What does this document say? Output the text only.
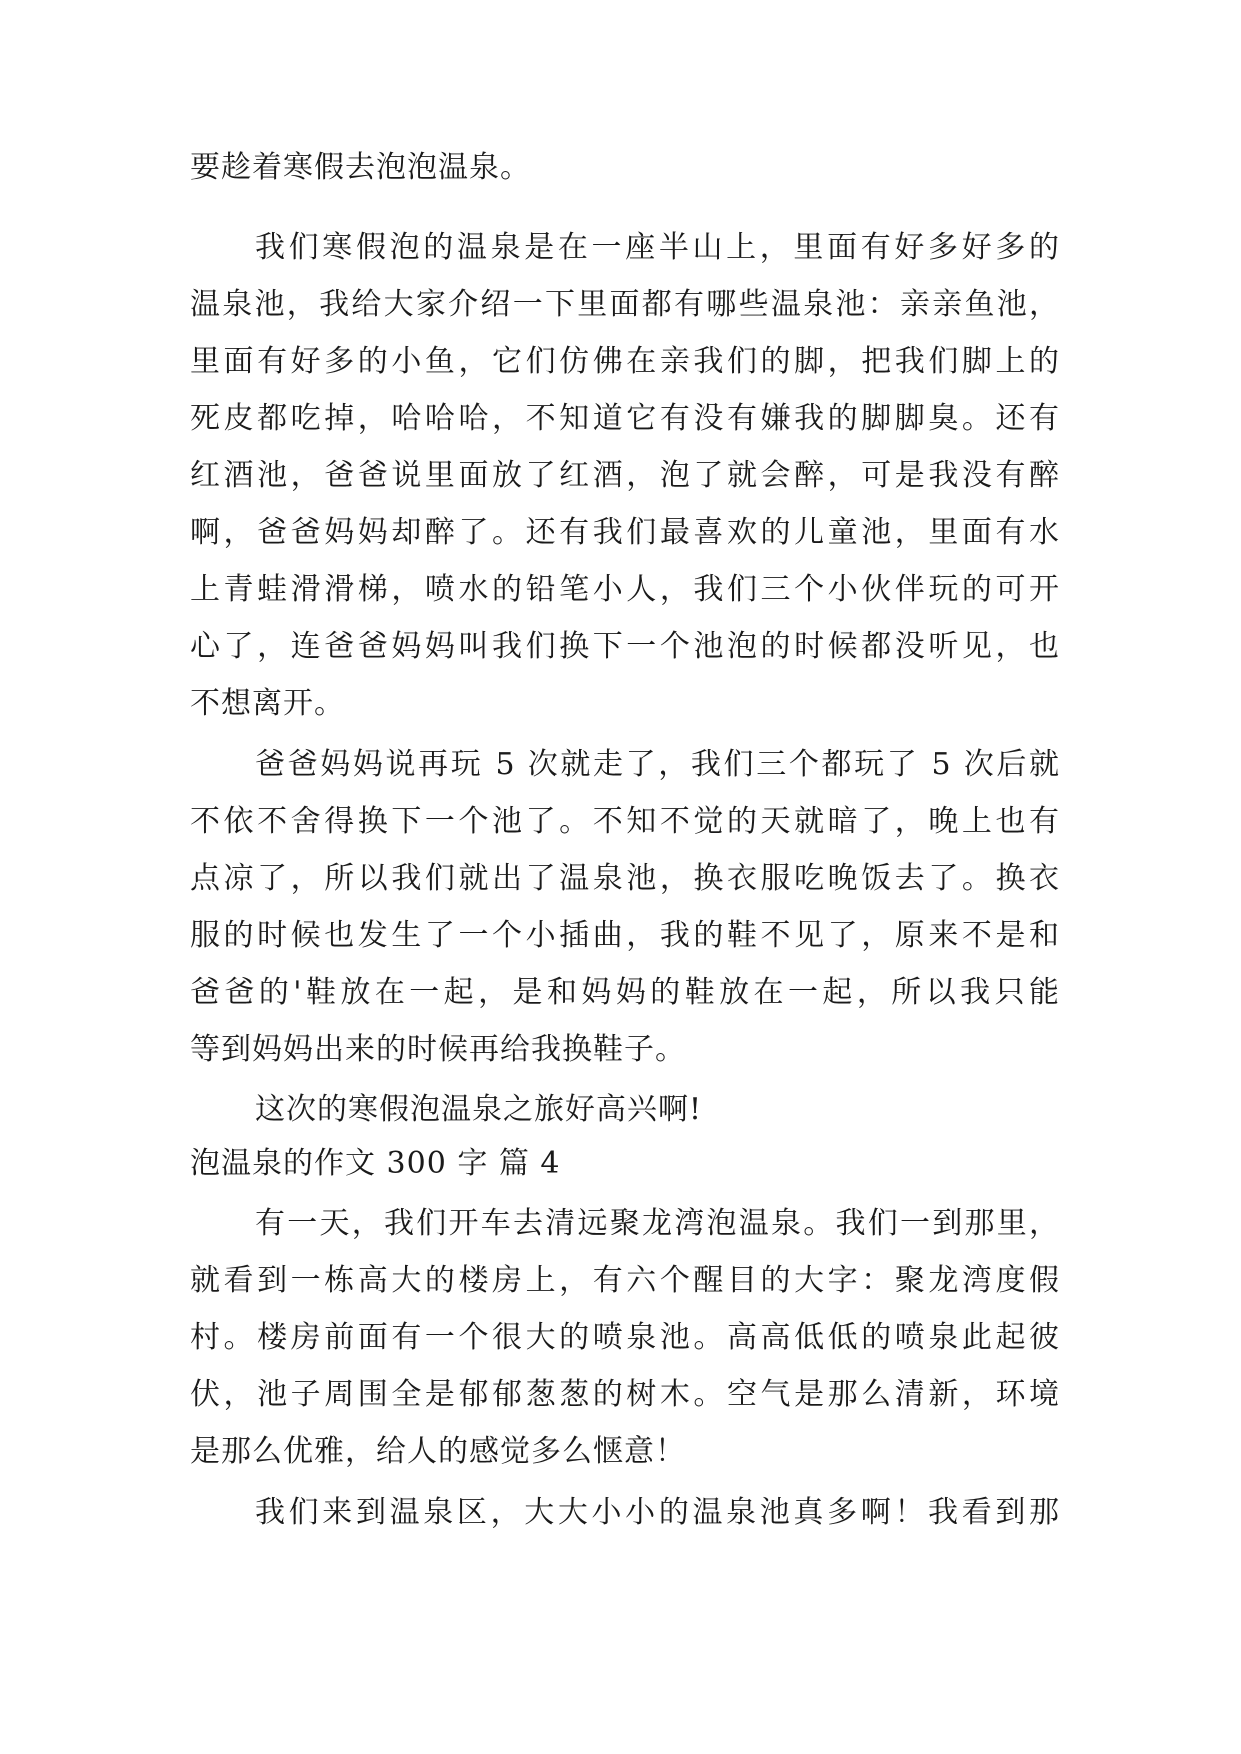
要趁着寒假去泡泡温泉。
我们寒假泡的温泉是在一座半山上，里面有好多好多的
温泉池，我给大家介绍一下里面都有哪些温泉池：亲亲鱼池，
里面有好多的小鱼，它们仿佛在亲我们的脚，把我们脚上的
死皮都吃掉，哈哈哈，不知道它有没有嫌我的脚脚臭。还有
红酒池，爸爸说里面放了红酒，泡了就会醉，可是我没有醉
啊，爸爸妈妈却醉了。还有我们最喜欢的儿童池，里面有水
上青蛙滑滑梯，喷水的铅笔小人，我们三个小伙伴玩的可开
心了，连爸爸妈妈叫我们换下一个池泡的时候都没听见，也
不想离开。
爸爸妈妈说再玩 5 次就走了，我们三个都玩了 5 次后就
不依不舍得换下一个池了。不知不觉的天就暗了，晚上也有
点凉了，所以我们就出了温泉池，换衣服吃晚饭去了。换衣
服的时候也发生了一个小插曲，我的鞋不见了，原来不是和
爸爸的'鞋放在一起，是和妈妈的鞋放在一起，所以我只能
等到妈妈出来的时候再给我换鞋子。
这次的寒假泡温泉之旅好高兴啊!
泡温泉的作文 300 字 篇 4
有一天，我们开车去清远聚龙湾泡温泉。我们一到那里，
就看到一栋高大的楼房上，有六个醒目的大字：聚龙湾度假
村。楼房前面有一个很大的喷泉池。高高低低的喷泉此起彼
伏，池子周围全是郁郁葱葱的树木。空气是那么清新，环境
是那么优雅，给人的感觉多么惬意！
我们来到温泉区，大大小小的温泉池真多啊！我看到那
